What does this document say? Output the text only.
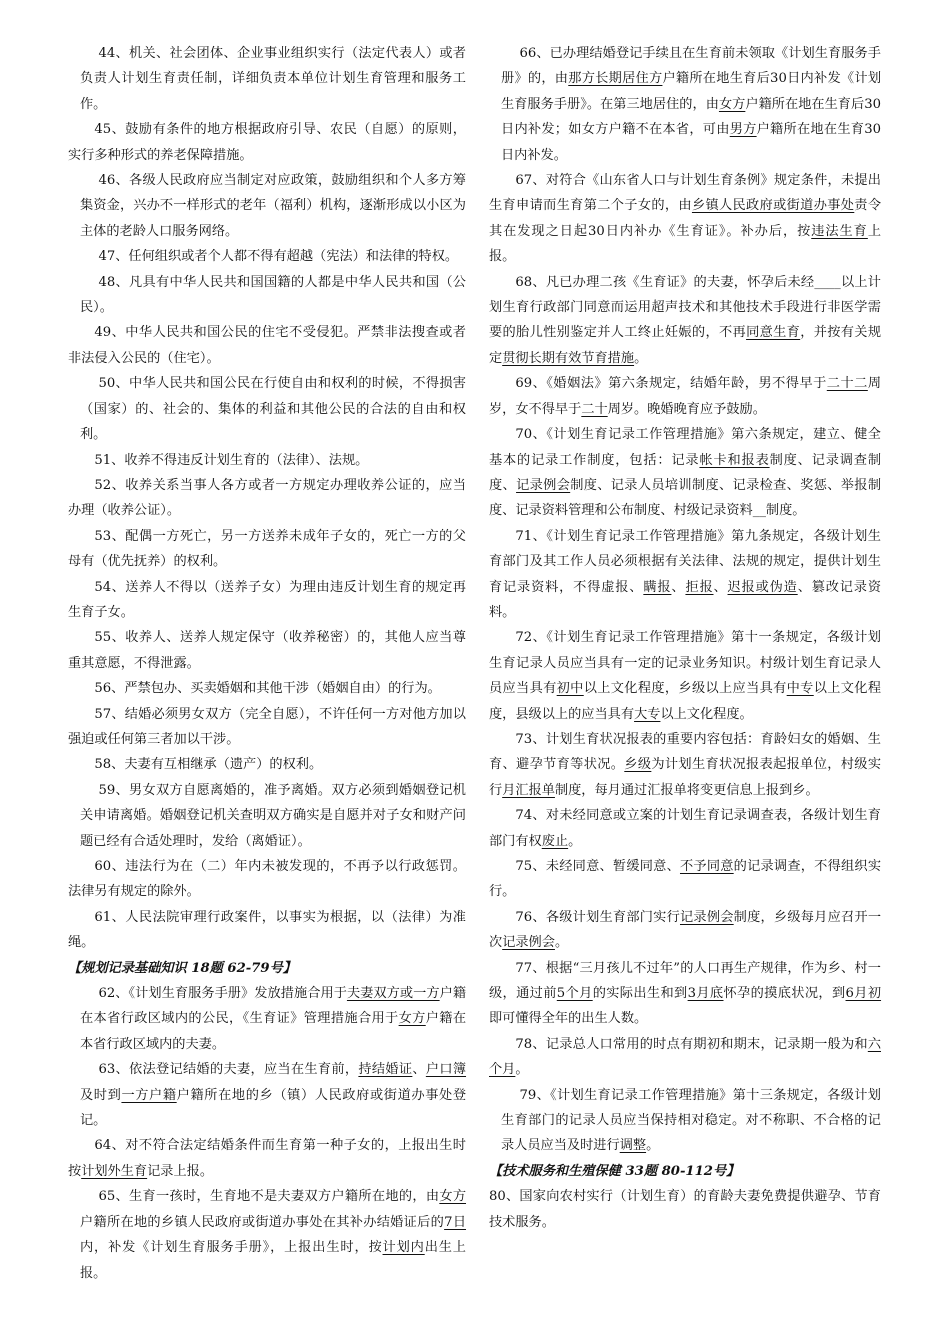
44、机关、社会团体、企业事业组织实行（法定代表人）或者负责人计划生育责任制，详细负责本单位计划生育管理和服务工作。

45、鼓励有条件的地方根据政府引导、农民（自愿）的原则，实行多种形式的养老保障措施。

46、各级人民政府应当制定对应政策，鼓励组织和个人多方筹集资金，兴办不一样形式的老年（福利）机构，逐渐形成以小区为主体的老龄人口服务网络。

47、任何组织或者个人都不得有超越（宪法）和法律的特权。

48、凡具有中华人民共和国国籍的人都是中华人民共和国（公民）。

49、中华人民共和国公民的住宅不受侵犯。严禁非法搜查或者非法侵入公民的（住宅）。

50、中华人民共和国公民在行使自由和权利的时候，不得损害（国家）的、社会的、集体的利益和其他公民的合法的自由和权利。

51、收养不得违反计划生育的（法律）、法规。

52、收养关系当事人各方或者一方规定办理收养公证的，应当办理（收养公证）。

53、配偶一方死亡，另一方送养未成年子女的，死亡一方的父母有（优先抚养）的权利。

54、送养人不得以（送养子女）为理由违反计划生育的规定再生育子女。

55、收养人、送养人规定保守（收养秘密）的，其他人应当尊重其意愿，不得泄露。

56、严禁包办、买卖婚姻和其他干涉（婚姻自由）的行为。

57、结婚必须男女双方（完全自愿），不许任何一方对他方加以强迫或任何第三者加以干涉。

58、夫妻有互相继承（遗产）的权利。

59、男女双方自愿离婚的，准予离婚。双方必须到婚姻登记机关申请离婚。婚姻登记机关查明双方确实是自愿并对子女和财产问题已经有合适处理时，发给（离婚证）。

60、违法行为在（二）年内未被发现的，不再予以行政惩罚。法律另有规定的除外。

61、人民法院审理行政案件，以事实为根据，以（法律）为准绳。

【规划记录基础知识 18题 62-79号】

62、《计划生育服务手册》发放措施合用于夫妻双方或一方户籍在本省行政区域内的公民，《生育证》管理措施合用于女方户籍在本省行政区域内的夫妻。

63、依法登记结婚的夫妻，应当在生育前，持结婚证、户口簿及时到一方户籍户籍所在地的乡（镇）人民政府或街道办事处登记。

64、对不符合法定结婚条件而生育第一种子女的，上报出生时按计划外生育记录上报。

65、生育一孩时，生育地不是夫妻双方户籍所在地的，由女方户籍所在地的乡镇人民政府或街道办事处在其补办结婚证后的7日内，补发《计划生育服务手册》，上报出生时，按计划内出生上报。

66、已办理结婚登记手续且在生育前未领取《计划生育服务手册》的，由那方长期居住方户籍所在地生育后30日内补发《计划生育服务手册》。在第三地居住的，由女方户籍所在地在生育后30日内补发；如女方户籍不在本省，可由男方户籍所在地在生育30日内补发。

67、对符合《山东省人口与计划生育条例》规定条件，未提出生育申请而生育第二个子女的，由乡镇人民政府或街道办事处责令其在发现之日起30日内补办《生育证》。补办后，按违法生育上报。

68、凡已办理二孩《生育证》的夫妻，怀孕后未经____以上计划生育行政部门同意而运用超声技术和其他技术手段进行非医学需要的胎儿性别鉴定并人工终止妊娠的，不再同意生育，并按有关规定贯彻长期有效节育措施。

69、《婚姻法》第六条规定，结婚年龄，男不得早于二十二周岁，女不得早于二十周岁。晚婚晚育应予鼓励。

70、《计划生育记录工作管理措施》第六条规定，建立、健全基本的记录工作制度，包括：记录帐卡和报表制度、记录调查制度、记录例会制度、记录人员培训制度、记录检查、奖惩、举报制度、记录资料管理和公布制度、村级记录资料__制度。

71、《计划生育记录工作管理措施》第九条规定，各级计划生育部门及其工作人员必须根据有关法律、法规的规定，提供计划生育记录资料，不得虚报、瞒报、拒报、迟报或伪造、篡改记录资料。

72、《计划生育记录工作管理措施》第十一条规定，各级计划生育记录人员应当具有一定的记录业务知识。村级计划生育记录人员应当具有初中以上文化程度，乡级以上应当具有中专以上文化程度，县级以上的应当具有大专以上文化程度。

73、计划生育状况报表的重要内容包括：育龄妇女的婚姻、生育、避孕节育等状况。乡级为计划生育状况报表起报单位，村级实行月汇报单制度，每月通过汇报单将变更信息上报到乡。

74、对未经同意或立案的计划生育记录调查表，各级计划生育部门有权废止。

75、未经同意、暂缓同意、不予同意的记录调查，不得组织实行。

76、各级计划生育部门实行记录例会制度，乡级每月应召开一次记录例会。

77、根据“三月孩儿不过年”的人口再生产规律，作为乡、村一级，通过前5个月的实际出生和到3月底怀孕的摸底状况，到6月初即可懂得全年的出生人数。

78、记录总人口常用的时点有期初和期末，记录期一般为和六个月。

79、《计划生育记录工作管理措施》第十三条规定，各级计划生育部门的记录人员应当保持相对稳定。对不称职、不合格的记录人员应当及时进行调整。

【技术服务和生殖保健 33题 80-112号】

80、国家向农村实行（计划生育）的育龄夫妻免费提供避孕、节育技术服务。
